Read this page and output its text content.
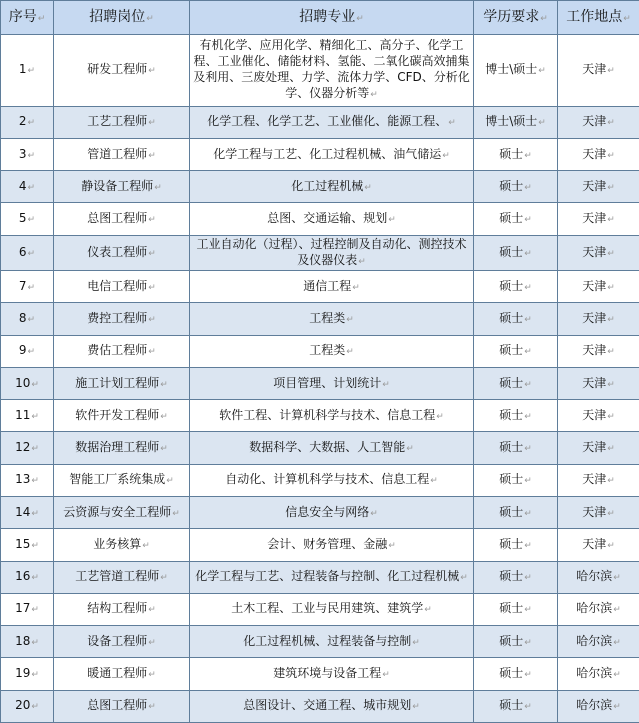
序号↵	招聘岗位↵	招聘专业↵	学历要求↵	工作地点↵
1↵	研发工程师↵	有机化学、应用化学、精细化工、高分子、化学工程、工业催化、储能材料、氢能、二氧化碳高效捕集及利用、三废处理、力学、流体力学、CFD、分析化学、仪器分析等↵	博士\硕士↵	天津↵
2↵	工艺工程师↵	化学工程、化学工艺、工业催化、能源工程、↵	博士\硕士↵	天津↵
3↵	管道工程师↵	化学工程与工艺、化工过程机械、油气储运↵	硕士↵	天津↵
4↵	静设备工程师↵	化工过程机械↵	硕士↵	天津↵
5↵	总图工程师↵	总图、交通运输、规划↵	硕士↵	天津↵
6↵	仪表工程师↵	工业自动化（过程）、过程控制及自动化、测控技术及仪器仪表↵	硕士↵	天津↵
7↵	电信工程师↵	通信工程↵	硕士↵	天津↵
8↵	费控工程师↵	工程类↵	硕士↵	天津↵
9↵	费估工程师↵	工程类↵	硕士↵	天津↵
10↵	施工计划工程师↵	项目管理、计划统计↵	硕士↵	天津↵
11↵	软件开发工程师↵	软件工程、计算机科学与技术、信息工程↵	硕士↵	天津↵
12↵	数据治理工程师↵	数据科学、大数据、人工智能↵	硕士↵	天津↵
13↵	智能工厂系统集成↵	自动化、计算机科学与技术、信息工程↵	硕士↵	天津↵
14↵	云资源与安全工程师↵	信息安全与网络↵	硕士↵	天津↵
15↵	业务核算↵	会计、财务管理、金融↵	硕士↵	天津↵
16↵	工艺管道工程师↵	化学工程与工艺、过程装备与控制、化工过程机械↵	硕士↵	哈尔滨↵
17↵	结构工程师↵	土木工程、工业与民用建筑、建筑学↵	硕士↵	哈尔滨↵
18↵	设备工程师↵	化工过程机械、过程装备与控制↵	硕士↵	哈尔滨↵
19↵	暖通工程师↵	建筑环境与设备工程↵	硕士↵	哈尔滨↵
20↵	总图工程师↵	总图设计、交通工程、城市规划↵	硕士↵	哈尔滨↵
